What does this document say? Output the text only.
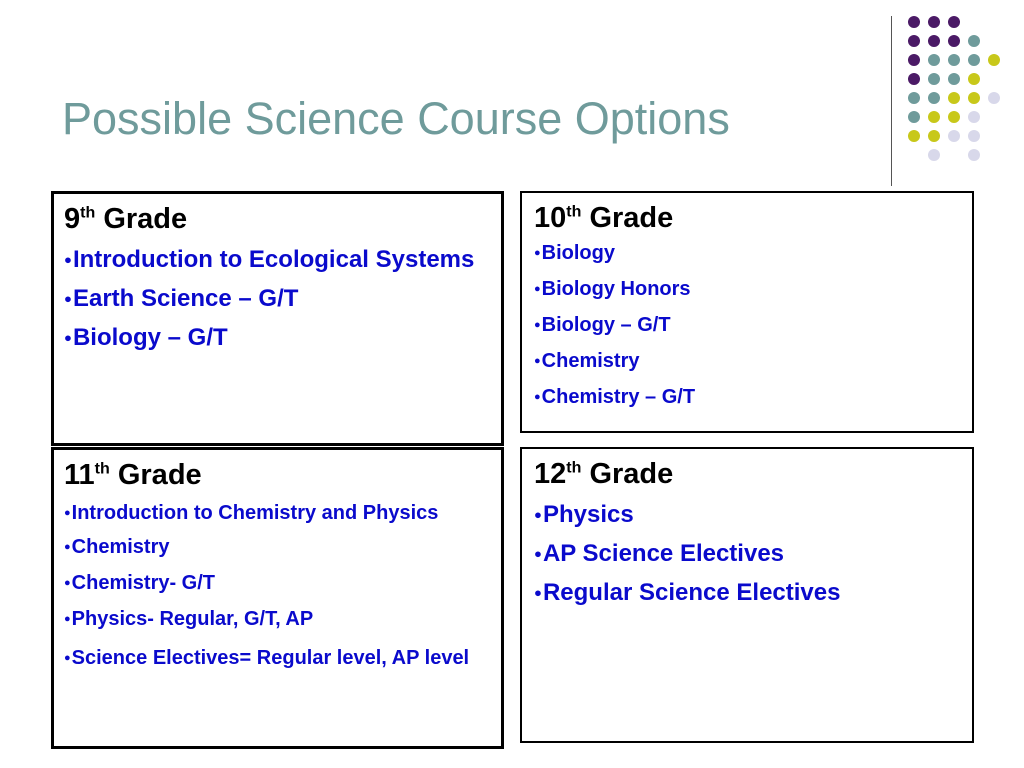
Possible Science Course Options
9th Grade
●Introduction to Ecological Systems
●Earth Science – G/T
●Biology – G/T
10th Grade
●Biology
●Biology Honors
●Biology – G/T
●Chemistry
●Chemistry – G/T
11th Grade
●Introduction to Chemistry and Physics
●Chemistry
●Chemistry- G/T
●Physics- Regular, G/T, AP
●Science Electives= Regular level, AP level
12th Grade
●Physics
●AP Science Electives
●Regular Science Electives
